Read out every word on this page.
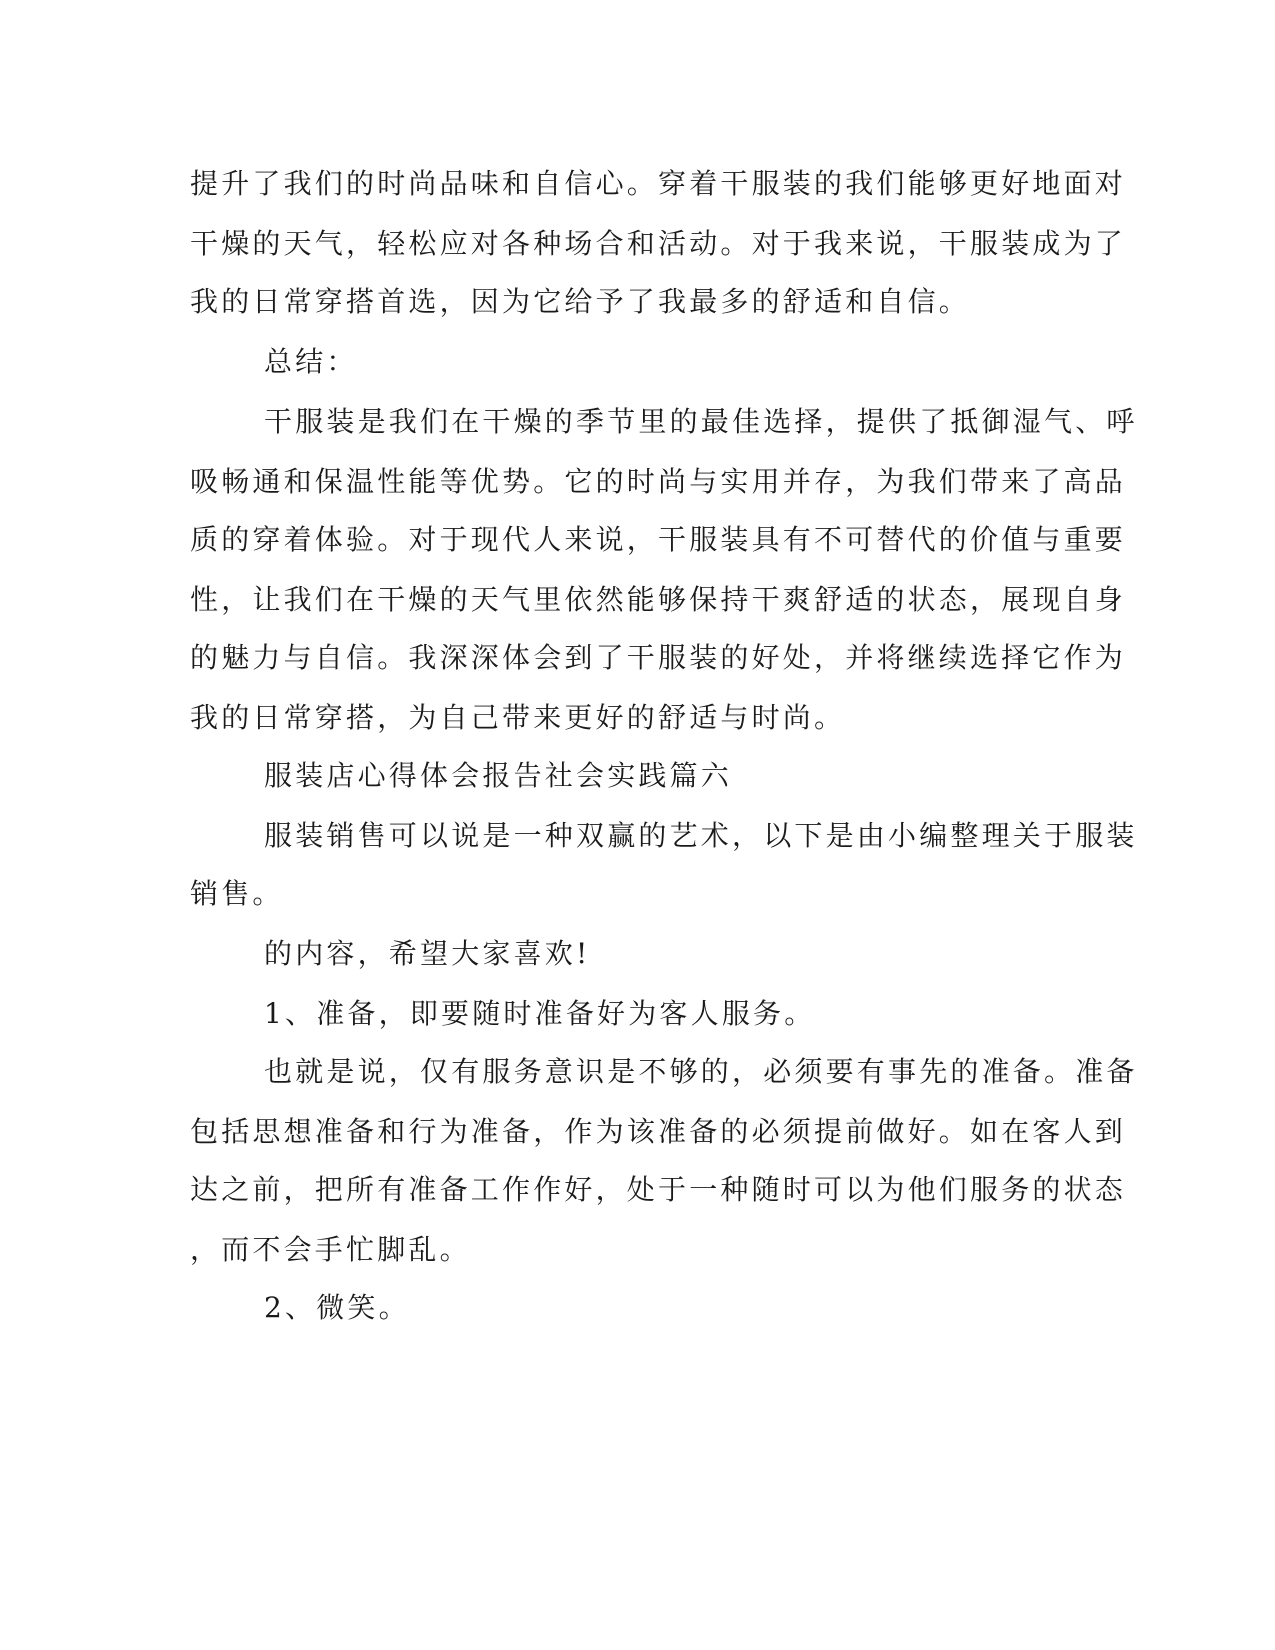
提升了我们的时尚品味和自信心。穿着干服装的我们能够更好地面对
干燥的天气，轻松应对各种场合和活动。对于我来说，干服装成为了
我的日常穿搭首选，因为它给予了我最多的舒适和自信。
总结：
干服装是我们在干燥的季节里的最佳选择，提供了抵御湿气、呼
吸畅通和保温性能等优势。它的时尚与实用并存，为我们带来了高品
质的穿着体验。对于现代人来说，干服装具有不可替代的价值与重要
性，让我们在干燥的天气里依然能够保持干爽舒适的状态，展现自身
的魅力与自信。我深深体会到了干服装的好处，并将继续选择它作为
我的日常穿搭，为自己带来更好的舒适与时尚。
服装店心得体会报告社会实践篇六
服装销售可以说是一种双赢的艺术，以下是由小编整理关于服装
销售。
的内容，希望大家喜欢!
1、准备，即要随时准备好为客人服务。
也就是说，仅有服务意识是不够的，必须要有事先的准备。准备
包括思想准备和行为准备，作为该准备的必须提前做好。如在客人到
达之前，把所有准备工作作好，处于一种随时可以为他们服务的状态
，而不会手忙脚乱。
2、微笑。
